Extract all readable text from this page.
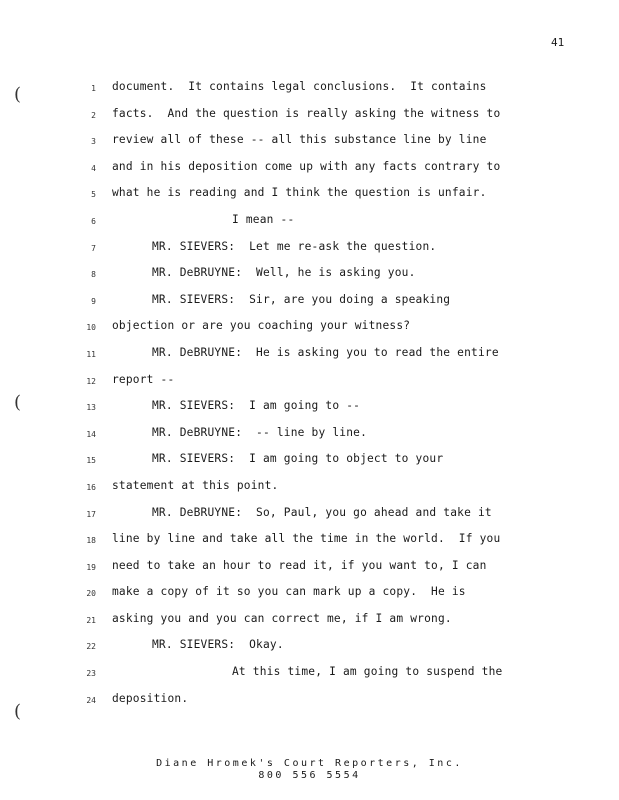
41
(
(
(
1 document.  It contains legal conclusions.  It contains
2 facts.  And the question is really asking the witness to
3 review all of these -- all this substance line by line
4 and in his deposition come up with any facts contrary to
5 what he is reading and I think the question is unfair.
6	I mean --
7	MR. SIEVERS:  Let me re-ask the question.
8	MR. DeBRUYNE:  Well, he is asking you.
9	MR. SIEVERS:  Sir, are you doing a speaking
10 objection or are you coaching your witness?
11	MR. DeBRUYNE:  He is asking you to read the entire
12 report --
13	MR. SIEVERS:  I am going to --
14	MR. DeBRUYNE:  -- line by line.
15	MR. SIEVERS:  I am going to object to your
16 statement at this point.
17	MR. DeBRUYNE:  So, Paul, you go ahead and take it
18 line by line and take all the time in the world.  If you
19 need to take an hour to read it, if you want to, I can
20 make a copy of it so you can mark up a copy.  He is
21 asking you and you can correct me, if I am wrong.
22	MR. SIEVERS:  Okay.
23	At this time, I am going to suspend the
24 deposition.
Diane Hromek's Court Reporters, Inc.
800 556 5554
